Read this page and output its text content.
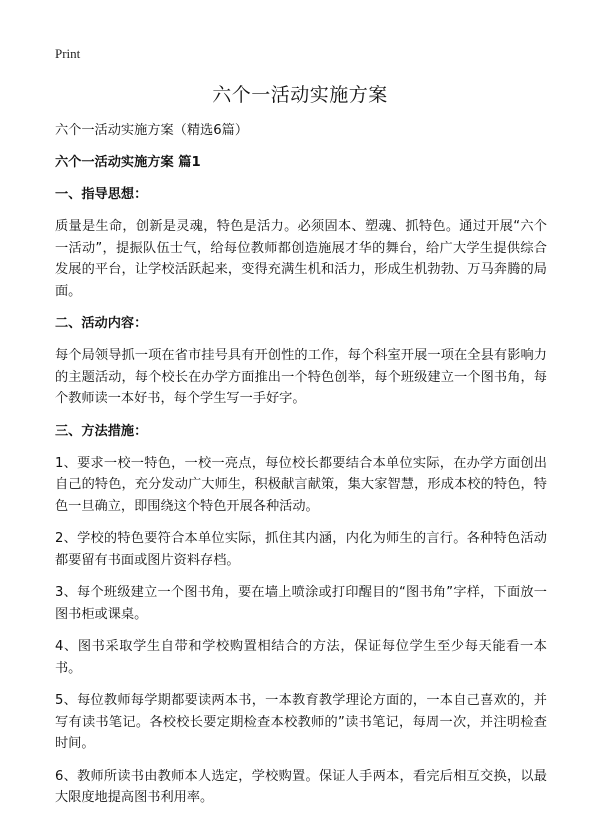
Print
六个一活动实施方案

六个一活动实施方案（精选6篇）

六个一活动实施方案 篇1

一、指导思想：

质量是生命，创新是灵魂，特色是活力。必须固本、塑魂、抓特色。通过开展“六个一活动”，提振队伍士气，给每位教师都创造施展才华的舞台，给广大学生提供综合发展的平台，让学校活跃起来，变得充满生机和活力，形成生机勃勃、万马奔腾的局面。

二、活动内容：

每个局领导抓一项在省市挂号具有开创性的工作，每个科室开展一项在全县有影响力的主题活动，每个校长在办学方面推出一个特色创举，每个班级建立一个图书角，每个教师读一本好书，每个学生写一手好字。

三、方法措施：

1、要求一校一特色，一校一亮点，每位校长都要结合本单位实际，在办学方面创出自己的特色，充分发动广大师生，积极献言献策，集大家智慧，形成本校的特色，特色一旦确立，即围绕这个特色开展各种活动。

2、学校的特色要符合本单位实际，抓住其内涵，内化为师生的言行。各种特色活动都要留有书面或图片资料存档。

3、每个班级建立一个图书角，要在墙上喷涂或打印醒目的“图书角”字样，下面放一图书柜或课桌。

4、图书采取学生自带和学校购置相结合的方法，保证每位学生至少每天能看一本书。

5、每位教师每学期都要读两本书，一本教育教学理论方面的，一本自己喜欢的，并写有读书笔记。各校校长要定期检查本校教师的”读书笔记，每周一次，并注明检查时间。

6、教师所读书由教师本人选定，学校购置。保证人手两本，看完后相互交换，以最大限度地提高图书利用率。
